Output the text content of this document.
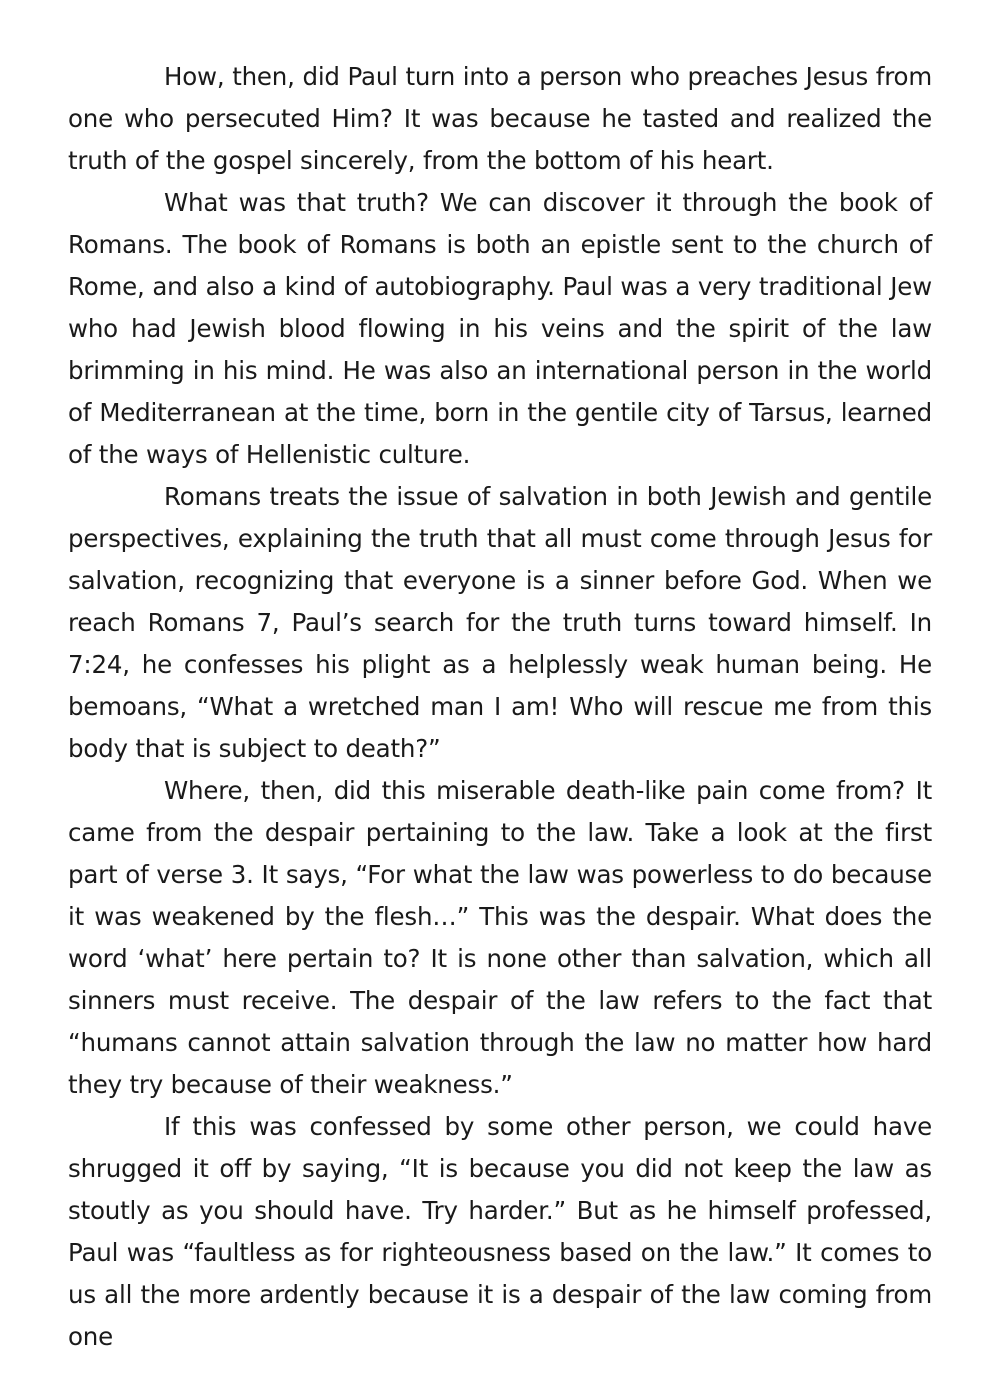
How, then, did Paul turn into a person who preaches Jesus from one who persecuted Him? It was because he tasted and realized the truth of the gospel sincerely, from the bottom of his heart.

What was that truth? We can discover it through the book of Romans. The book of Romans is both an epistle sent to the church of Rome, and also a kind of autobiography. Paul was a very traditional Jew who had Jewish blood flowing in his veins and the spirit of the law brimming in his mind. He was also an international person in the world of Mediterranean at the time, born in the gentile city of Tarsus, learned of the ways of Hellenistic culture.

Romans treats the issue of salvation in both Jewish and gentile perspectives, explaining the truth that all must come through Jesus for salvation, recognizing that everyone is a sinner before God. When we reach Romans 7, Paul’s search for the truth turns toward himself. In 7:24, he confesses his plight as a helplessly weak human being. He bemoans, “What a wretched man I am! Who will rescue me from this body that is subject to death?”

Where, then, did this miserable death-like pain come from? It came from the despair pertaining to the law. Take a look at the first part of verse 3. It says, “For what the law was powerless to do because it was weakened by the flesh…” This was the despair. What does the word ‘what’ here pertain to? It is none other than salvation, which all sinners must receive. The despair of the law refers to the fact that “humans cannot attain salvation through the law no matter how hard they try because of their weakness.”

If this was confessed by some other person, we could have shrugged it off by saying, “It is because you did not keep the law as stoutly as you should have. Try harder.” But as he himself professed, Paul was “faultless as for righteousness based on the law.” It comes to us all the more ardently because it is a despair of the law coming from one
